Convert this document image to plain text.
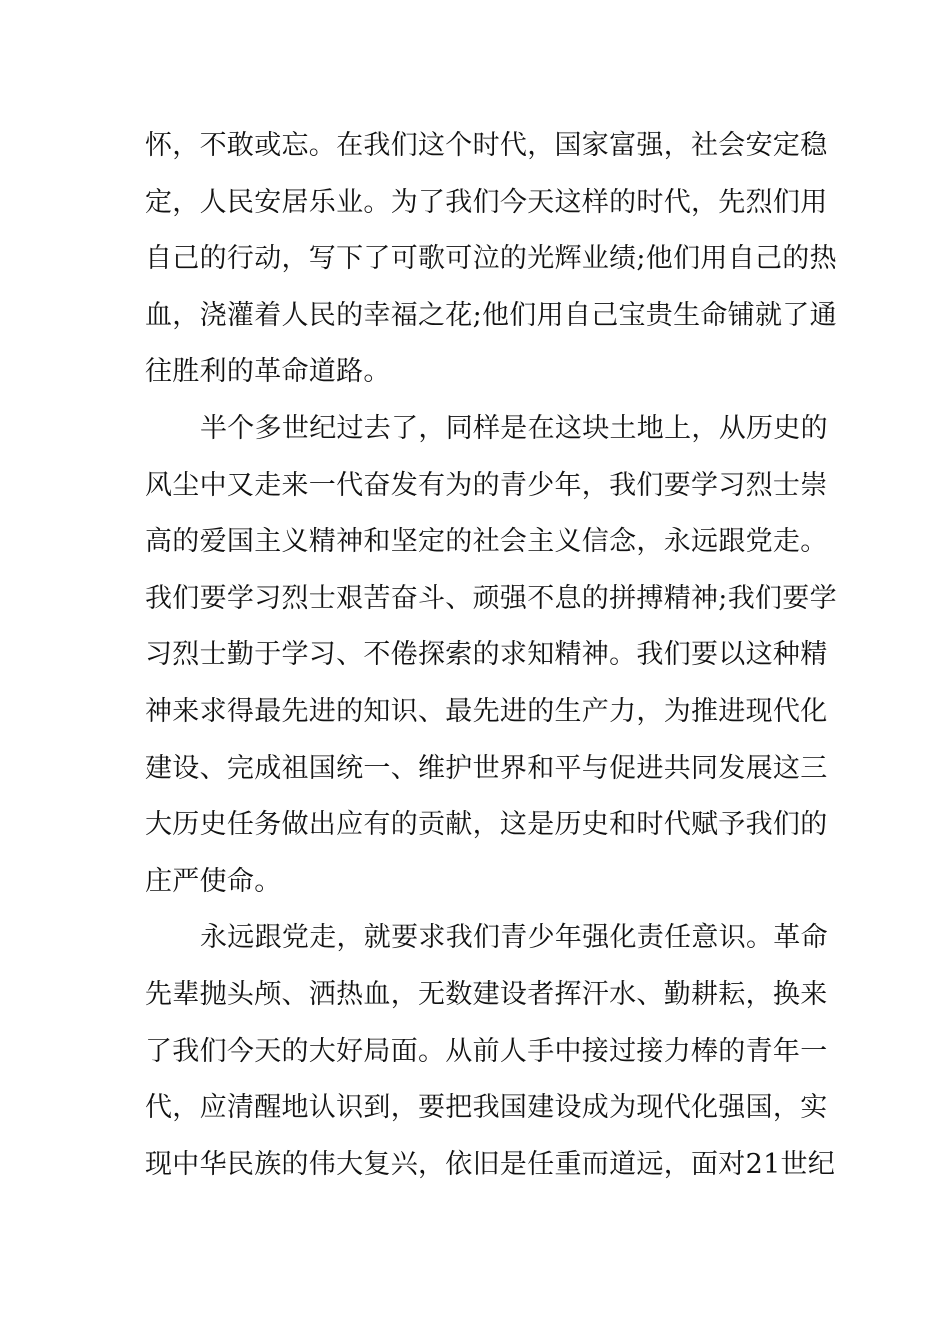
怀，不敢或忘。在我们这个时代，国家富强，社会安定稳
定，人民安居乐业。为了我们今天这样的时代，先烈们用
自己的行动，写下了可歌可泣的光辉业绩;他们用自己的热
血，浇灌着人民的幸福之花;他们用自己宝贵生命铺就了通
往胜利的革命道路。
半个多世纪过去了，同样是在这块土地上，从历史的
风尘中又走来一代奋发有为的青少年，我们要学习烈士崇
高的爱国主义精神和坚定的社会主义信念，永远跟党走。
我们要学习烈士艰苦奋斗、顽强不息的拼搏精神;我们要学
习烈士勤于学习、不倦探索的求知精神。我们要以这种精
神来求得最先进的知识、最先进的生产力，为推进现代化
建设、完成祖国统一、维护世界和平与促进共同发展这三
大历史任务做出应有的贡献，这是历史和时代赋予我们的
庄严使命。
永远跟党走，就要求我们青少年强化责任意识。革命
先辈抛头颅、洒热血，无数建设者挥汗水、勤耕耘，换来
了我们今天的大好局面。从前人手中接过接力棒的青年一
代，应清醒地认识到，要把我国建设成为现代化强国，实
现中华民族的伟大复兴，依旧是任重而道远，面对21世纪
